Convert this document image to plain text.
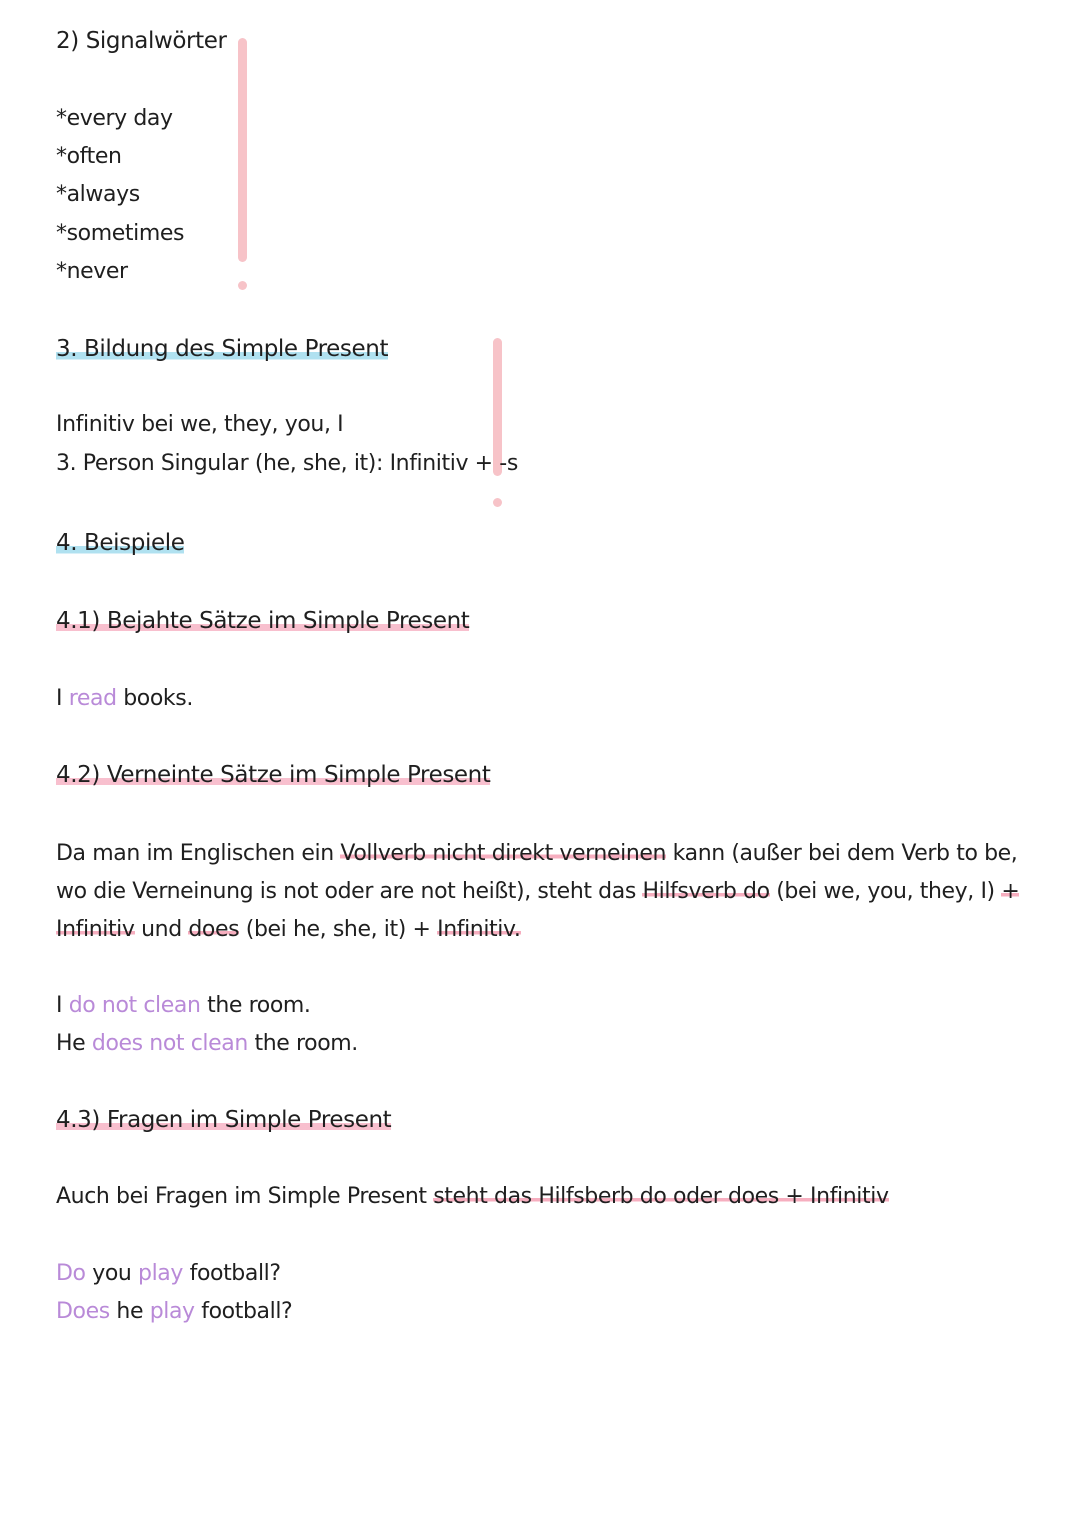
2) Signalwörter

*every day

*often

*always

*sometimes

*never

3. Bildung des Simple Present

Infinitiv bei we, they, you, I

3. Person Singular (he, she, it): Infinitiv + -s

4. Beispiele

4.1) Bejahte Sätze im Simple Present

I read books.

4.2) Verneinte Sätze im Simple Present

Da man im Englischen ein Vollverb nicht direkt verneinen kann (außer bei dem Verb to be, wo die Verneinung is not oder are not heißt), steht das Hilfsverb do (bei we, you, they, I) + Infinitiv und does (bei he, she, it) + Infinitiv.

I do not clean the room.

He does not clean the room.

4.3) Fragen im Simple Present

Auch bei Fragen im Simple Present steht das Hilfsberb do oder does + Infinitiv

Do you play football?

Does he play football?
